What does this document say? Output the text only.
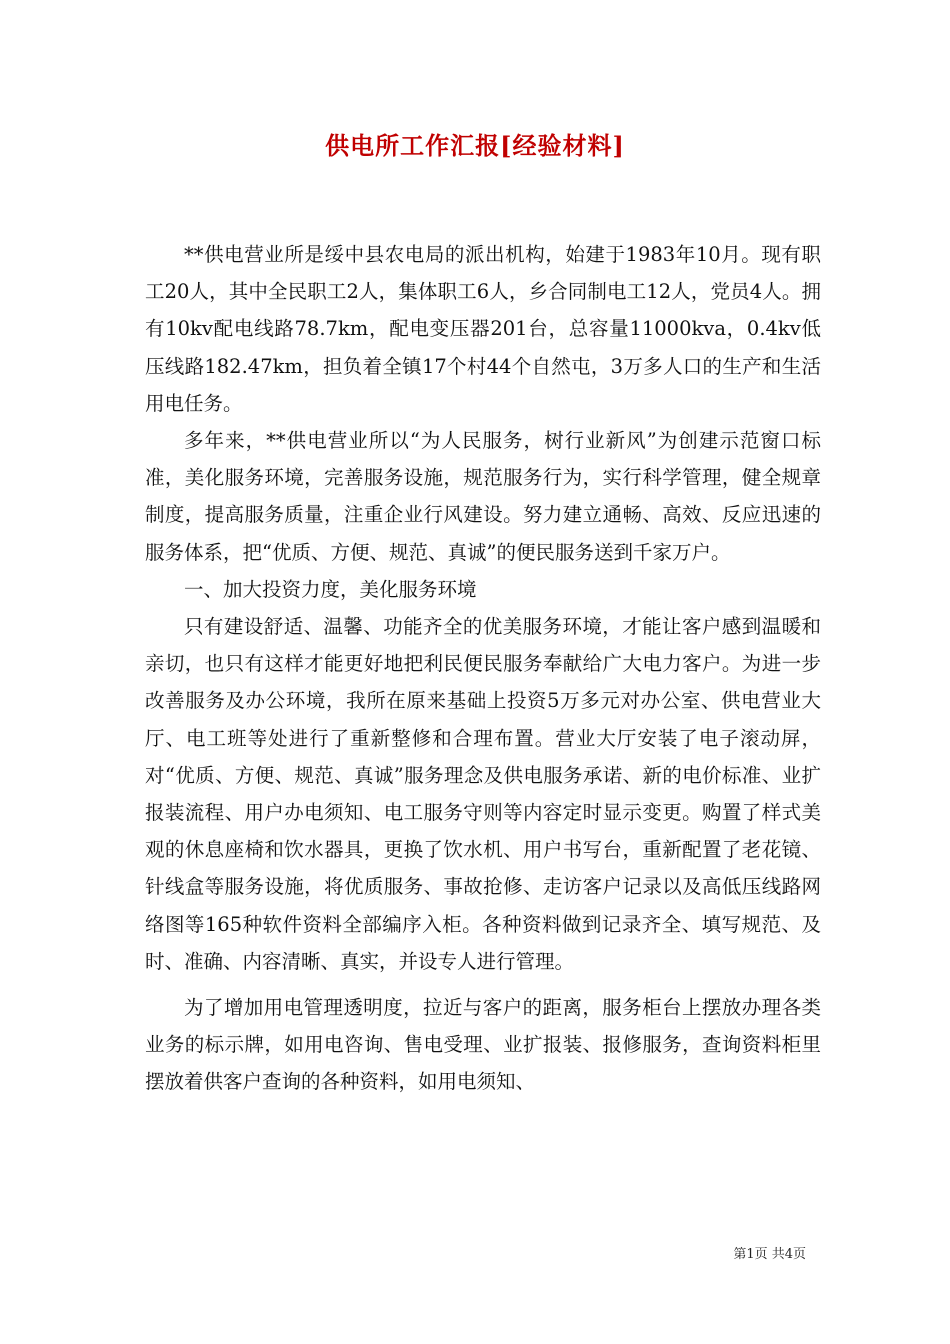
供电所工作汇报[经验材料]

**供电营业所是绥中县农电局的派出机构，始建于1983年10月。现有职工20人，其中全民职工2人，集体职工6人，乡合同制电工12人，党员4人。拥有10kv配电线路78.7km，配电变压器201台，总容量11000kva，0.4kv低压线路182.47km，担负着全镇17个村44个自然屯，3万多人口的生产和生活用电任务。

多年来，**供电营业所以“为人民服务，树行业新风”为创建示范窗口标准，美化服务环境，完善服务设施，规范服务行为，实行科学管理，健全规章制度，提高服务质量，注重企业行风建设。努力建立通畅、高效、反应迅速的服务体系，把“优质、方便、规范、真诚”的便民服务送到千家万户。

一、加大投资力度，美化服务环境

只有建设舒适、温馨、功能齐全的优美服务环境，才能让客户感到温暖和亲切，也只有这样才能更好地把利民便民服务奉献给广大电力客户。为进一步改善服务及办公环境，我所在原来基础上投资5万多元对办公室、供电营业大厅、电工班等处进行了重新整修和合理布置。营业大厅安装了电子滚动屏，对“优质、方便、规范、真诚”服务理念及供电服务承诺、新的电价标准、业扩报装流程、用户办电须知、电工服务守则等内容定时显示变更。购置了样式美观的休息座椅和饮水器具，更换了饮水机、用户书写台，重新配置了老花镜、针线盒等服务设施，将优质服务、事故抢修、走访客户记录以及高低压线路网络图等165种软件资料全部编序入柜。各种资料做到记录齐全、填写规范、及时、准确、内容清晰、真实，并设专人进行管理。

为了增加用电管理透明度，拉近与客户的距离，服务柜台上摆放办理各类业务的标示牌，如用电咨询、售电受理、业扩报装、报修服务，查询资料柜里摆放着供客户查询的各种资料，如用电须知、

第1页 共4页
